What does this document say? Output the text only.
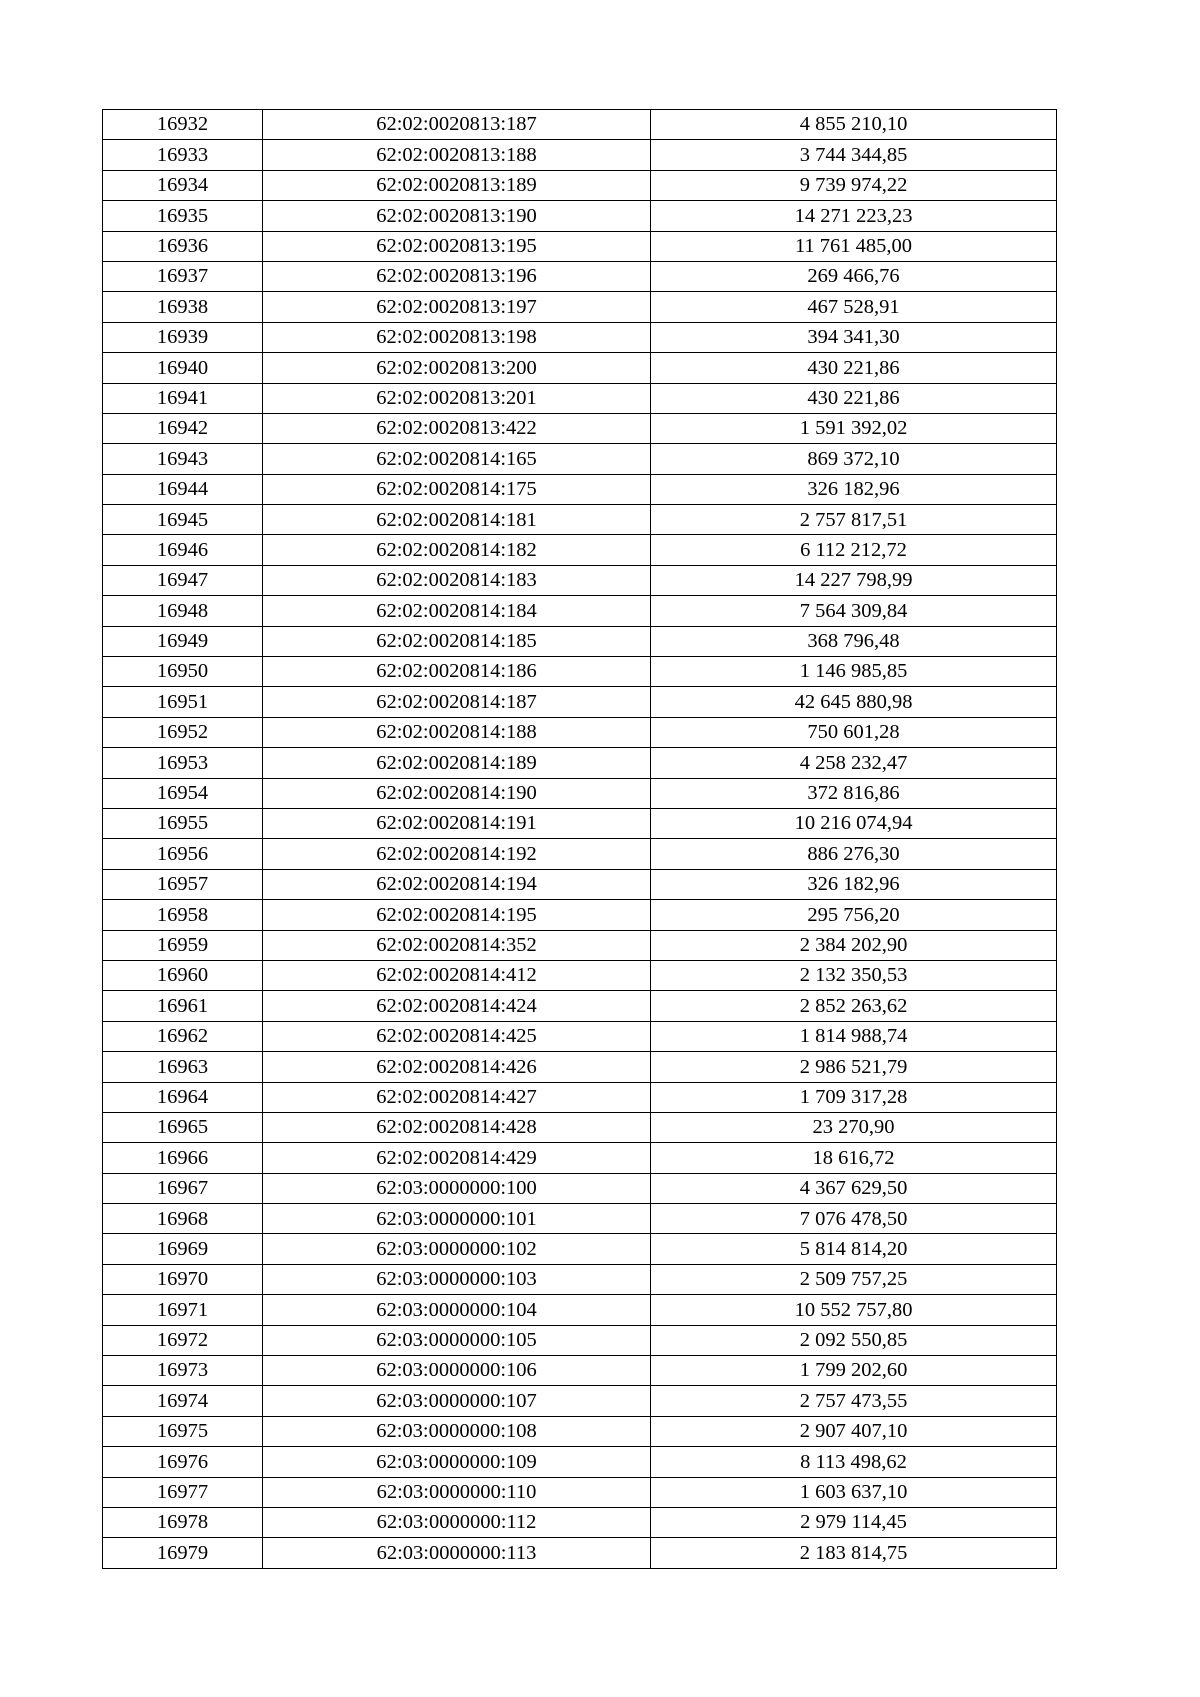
16932	62:02:0020813:187	4 855 210,10
16933	62:02:0020813:188	3 744 344,85
16934	62:02:0020813:189	9 739 974,22
16935	62:02:0020813:190	14 271 223,23
16936	62:02:0020813:195	11 761 485,00
16937	62:02:0020813:196	269 466,76
16938	62:02:0020813:197	467 528,91
16939	62:02:0020813:198	394 341,30
16940	62:02:0020813:200	430 221,86
16941	62:02:0020813:201	430 221,86
16942	62:02:0020813:422	1 591 392,02
16943	62:02:0020814:165	869 372,10
16944	62:02:0020814:175	326 182,96
16945	62:02:0020814:181	2 757 817,51
16946	62:02:0020814:182	6 112 212,72
16947	62:02:0020814:183	14 227 798,99
16948	62:02:0020814:184	7 564 309,84
16949	62:02:0020814:185	368 796,48
16950	62:02:0020814:186	1 146 985,85
16951	62:02:0020814:187	42 645 880,98
16952	62:02:0020814:188	750 601,28
16953	62:02:0020814:189	4 258 232,47
16954	62:02:0020814:190	372 816,86
16955	62:02:0020814:191	10 216 074,94
16956	62:02:0020814:192	886 276,30
16957	62:02:0020814:194	326 182,96
16958	62:02:0020814:195	295 756,20
16959	62:02:0020814:352	2 384 202,90
16960	62:02:0020814:412	2 132 350,53
16961	62:02:0020814:424	2 852 263,62
16962	62:02:0020814:425	1 814 988,74
16963	62:02:0020814:426	2 986 521,79
16964	62:02:0020814:427	1 709 317,28
16965	62:02:0020814:428	23 270,90
16966	62:02:0020814:429	18 616,72
16967	62:03:0000000:100	4 367 629,50
16968	62:03:0000000:101	7 076 478,50
16969	62:03:0000000:102	5 814 814,20
16970	62:03:0000000:103	2 509 757,25
16971	62:03:0000000:104	10 552 757,80
16972	62:03:0000000:105	2 092 550,85
16973	62:03:0000000:106	1 799 202,60
16974	62:03:0000000:107	2 757 473,55
16975	62:03:0000000:108	2 907 407,10
16976	62:03:0000000:109	8 113 498,62
16977	62:03:0000000:110	1 603 637,10
16978	62:03:0000000:112	2 979 114,45
16979	62:03:0000000:113	2 183 814,75
